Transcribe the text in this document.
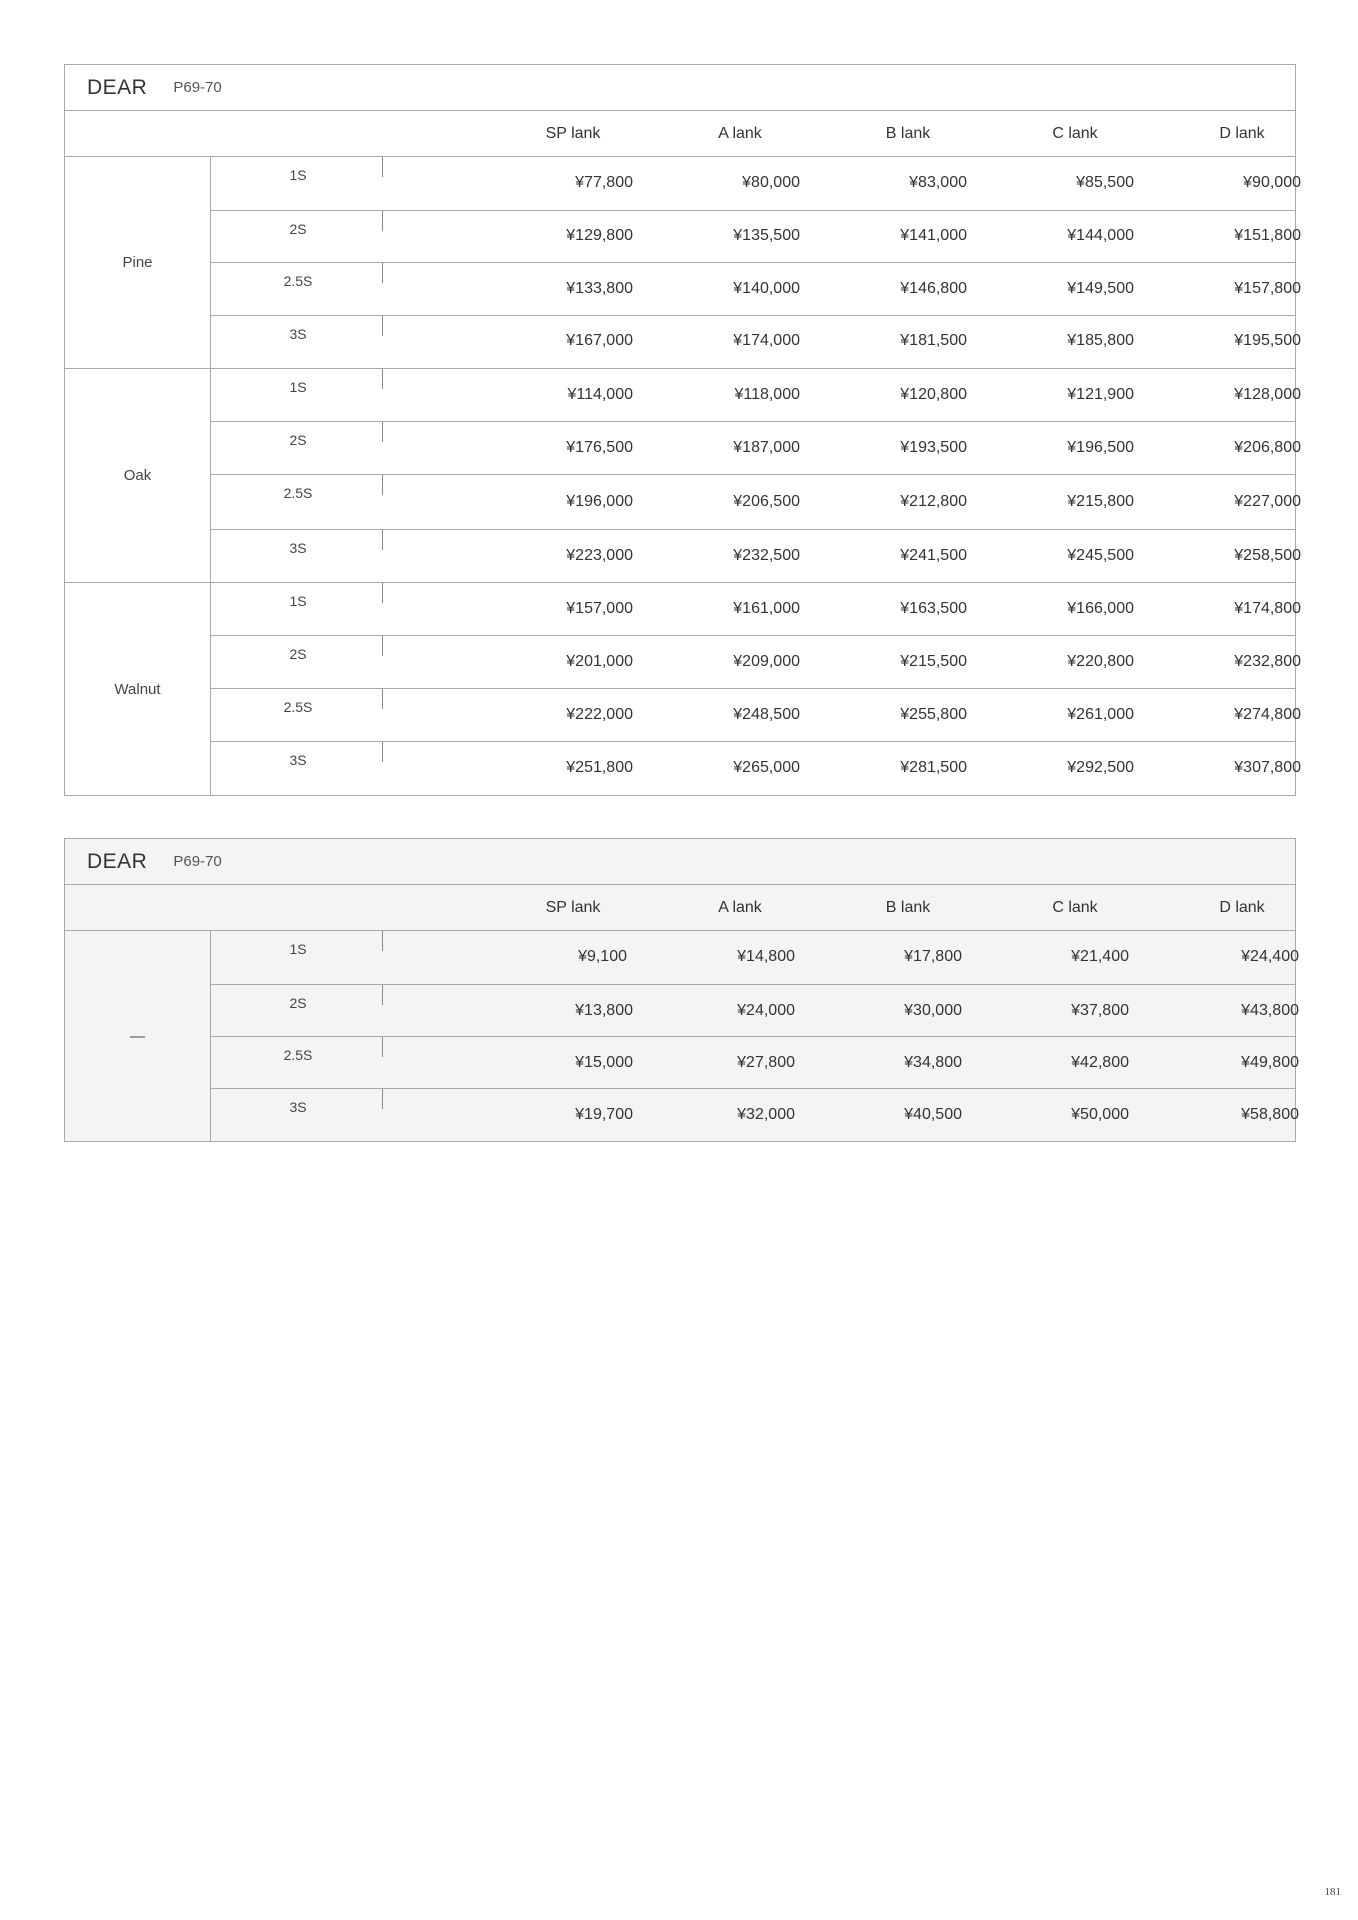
DEAR P69-70
SP lank	A lank	B lank	C lank	D lank
Pine
1S	¥77,800	¥80,000	¥83,000	¥85,500	¥90,000
2S	¥129,800	¥135,500	¥141,000	¥144,000	¥151,800
2.5S	¥133,800	¥140,000	¥146,800	¥149,500	¥157,800
3S	¥167,000	¥174,000	¥181,500	¥185,800	¥195,500
Oak
1S	¥114,000	¥118,000	¥120,800	¥121,900	¥128,000
2S	¥176,500	¥187,000	¥193,500	¥196,500	¥206,800
2.5S	¥196,000	¥206,500	¥212,800	¥215,800	¥227,000
3S	¥223,000	¥232,500	¥241,500	¥245,500	¥258,500
Walnut
1S	¥157,000	¥161,000	¥163,500	¥166,000	¥174,800
2S	¥201,000	¥209,000	¥215,500	¥220,800	¥232,800
2.5S	¥222,000	¥248,500	¥255,800	¥261,000	¥274,800
3S	¥251,800	¥265,000	¥281,500	¥292,500	¥307,800
DEAR P69-70
SP lank	A lank	B lank	C lank	D lank
—
1S	¥9,100	¥14,800	¥17,800	¥21,400	¥24,400
2S	¥13,800	¥24,000	¥30,000	¥37,800	¥43,800
2.5S	¥15,000	¥27,800	¥34,800	¥42,800	¥49,800
3S	¥19,700	¥32,000	¥40,500	¥50,000	¥58,800
181
